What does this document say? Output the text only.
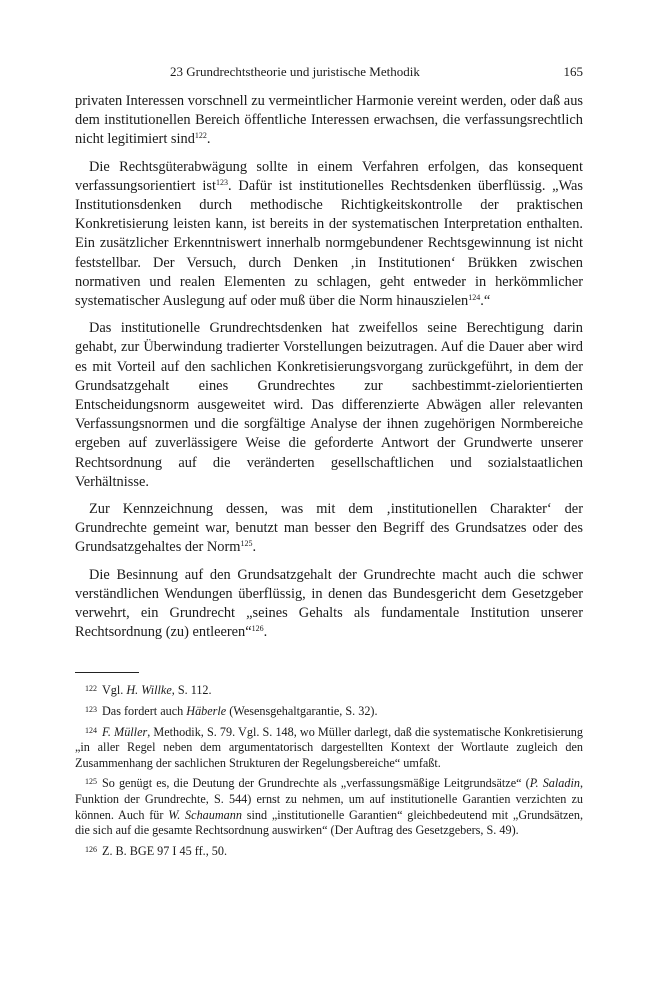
23 Grundrechtstheorie und juristische Methodik	165

privaten Interessen vorschnell zu vermeintlicher Harmonie vereint werden, oder daß aus dem institutionellen Bereich öffentliche Interessen erwachsen, die verfassungsrechtlich nicht legitimiert sind$^{122}$.

Die Rechtsgüterabwägung sollte in einem Verfahren erfolgen, das konsequent verfassungsorientiert ist$^{123}$. Dafür ist institutionelles Rechtsdenken überflüssig. „Was Institutionsdenken durch methodische Richtigkeitskontrolle der praktischen Konkretisierung leisten kann, ist bereits in der systematischen Interpretation enthalten. Ein zusätzlicher Erkenntniswert innerhalb normgebundener Rechtsgewinnung ist nicht feststellbar. Der Versuch, durch Denken ‚in Institutionen‘ Brükken zwischen normativen und realen Elementen zu schlagen, geht entweder in herkömmlicher systematischer Auslegung auf oder muß über die Norm hinauszielen$^{124}$.“

Das institutionelle Grundrechtsdenken hat zweifellos seine Berechtigung darin gehabt, zur Überwindung tradierter Vorstellungen beizutragen. Auf die Dauer aber wird es mit Vorteil auf den sachlichen Konkretisierungsvorgang zurückgeführt, in dem der Grundsatzgehalt eines Grundrechtes zur sachbestimmt-zielorientierten Entscheidungsnorm ausgeweitet wird. Das differenzierte Abwägen aller relevanten Verfassungsnormen und die sorgfältige Analyse der ihnen zugehörigen Normbereiche ergeben auf zuverlässigere Weise die geforderte Antwort der Grundwerte unserer Rechtsordnung auf die veränderten gesellschaftlichen und sozialstaatlichen Verhältnisse.

Zur Kennzeichnung dessen, was mit dem ‚institutionellen Charakter‘ der Grundrechte gemeint war, benutzt man besser den Begriff des Grundsatzes oder des Grundsatzgehaltes der Norm$^{125}$.

Die Besinnung auf den Grundsatzgehalt der Grundrechte macht auch die schwer verständlichen Wendungen überflüssig, in denen das Bundesgericht dem Gesetzgeber verwehrt, ein Grundrecht „seines Gehalts als fundamentale Institution unserer Rechtsordnung (zu) entleeren“$^{126}$.

$^{122}$ Vgl. H. Willke, S. 112.

$^{123}$ Das fordert auch Häberle (Wesensgehaltgarantie, S. 32).

$^{124}$ F. Müller, Methodik, S. 79. Vgl. S. 148, wo Müller darlegt, daß die systematische Konkretisierung „in aller Regel neben dem argumentatorisch dargestellten Kontext der Wortlaute zugleich den Zusammenhang der sachlichen Strukturen der Regelungsbereiche“ umfaßt.

$^{125}$ So genügt es, die Deutung der Grundrechte als „verfassungsmäßige Leitgrundsätze“ (P. Saladin, Funktion der Grundrechte, S. 544) ernst zu nehmen, um auf institutionelle Garantien verzichten zu können. Auch für W. Schaumann sind „institutionelle Garantien“ gleichbedeutend mit „Grundsätzen, die sich auf die gesamte Rechtsordnung auswirken“ (Der Auftrag des Gesetzgebers, S. 49).

$^{126}$ Z. B. BGE 97 I 45 ff., 50.
